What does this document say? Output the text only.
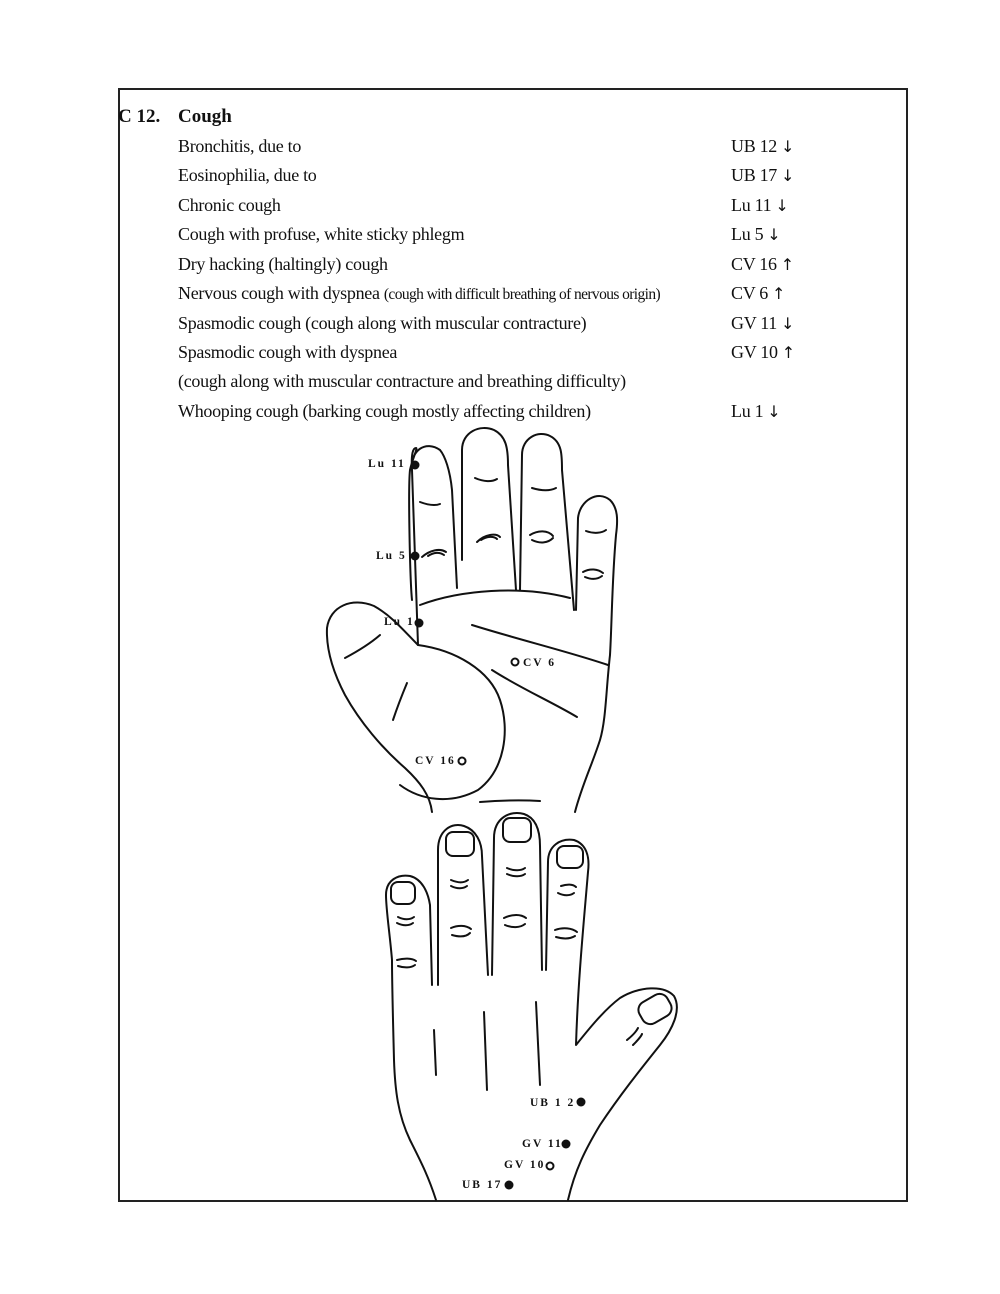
C 12. Cough
Bronchitis, due to	UB 12 ↓
Eosinophilia, due to	UB 17 ↓
Chronic cough	Lu 11 ↓
Cough with profuse, white sticky phlegm	Lu 5 ↓
Dry hacking (haltingly) cough	CV 16 ↑
Nervous cough with dyspnea (cough with difficult breathing of nervous origin)	CV 6 ↑
Spasmodic cough (cough along with muscular contracture)	GV 11 ↓
Spasmodic cough with dyspnea	GV 10 ↑
(cough along with muscular contracture and breathing difficulty)
Whooping cough (barking cough mostly affecting children)	Lu 1 ↓
Lu 11
Lu 5
Lu 1
CV 6
CV 16
UB 1 2
GV 11
GV 10
UB 17
